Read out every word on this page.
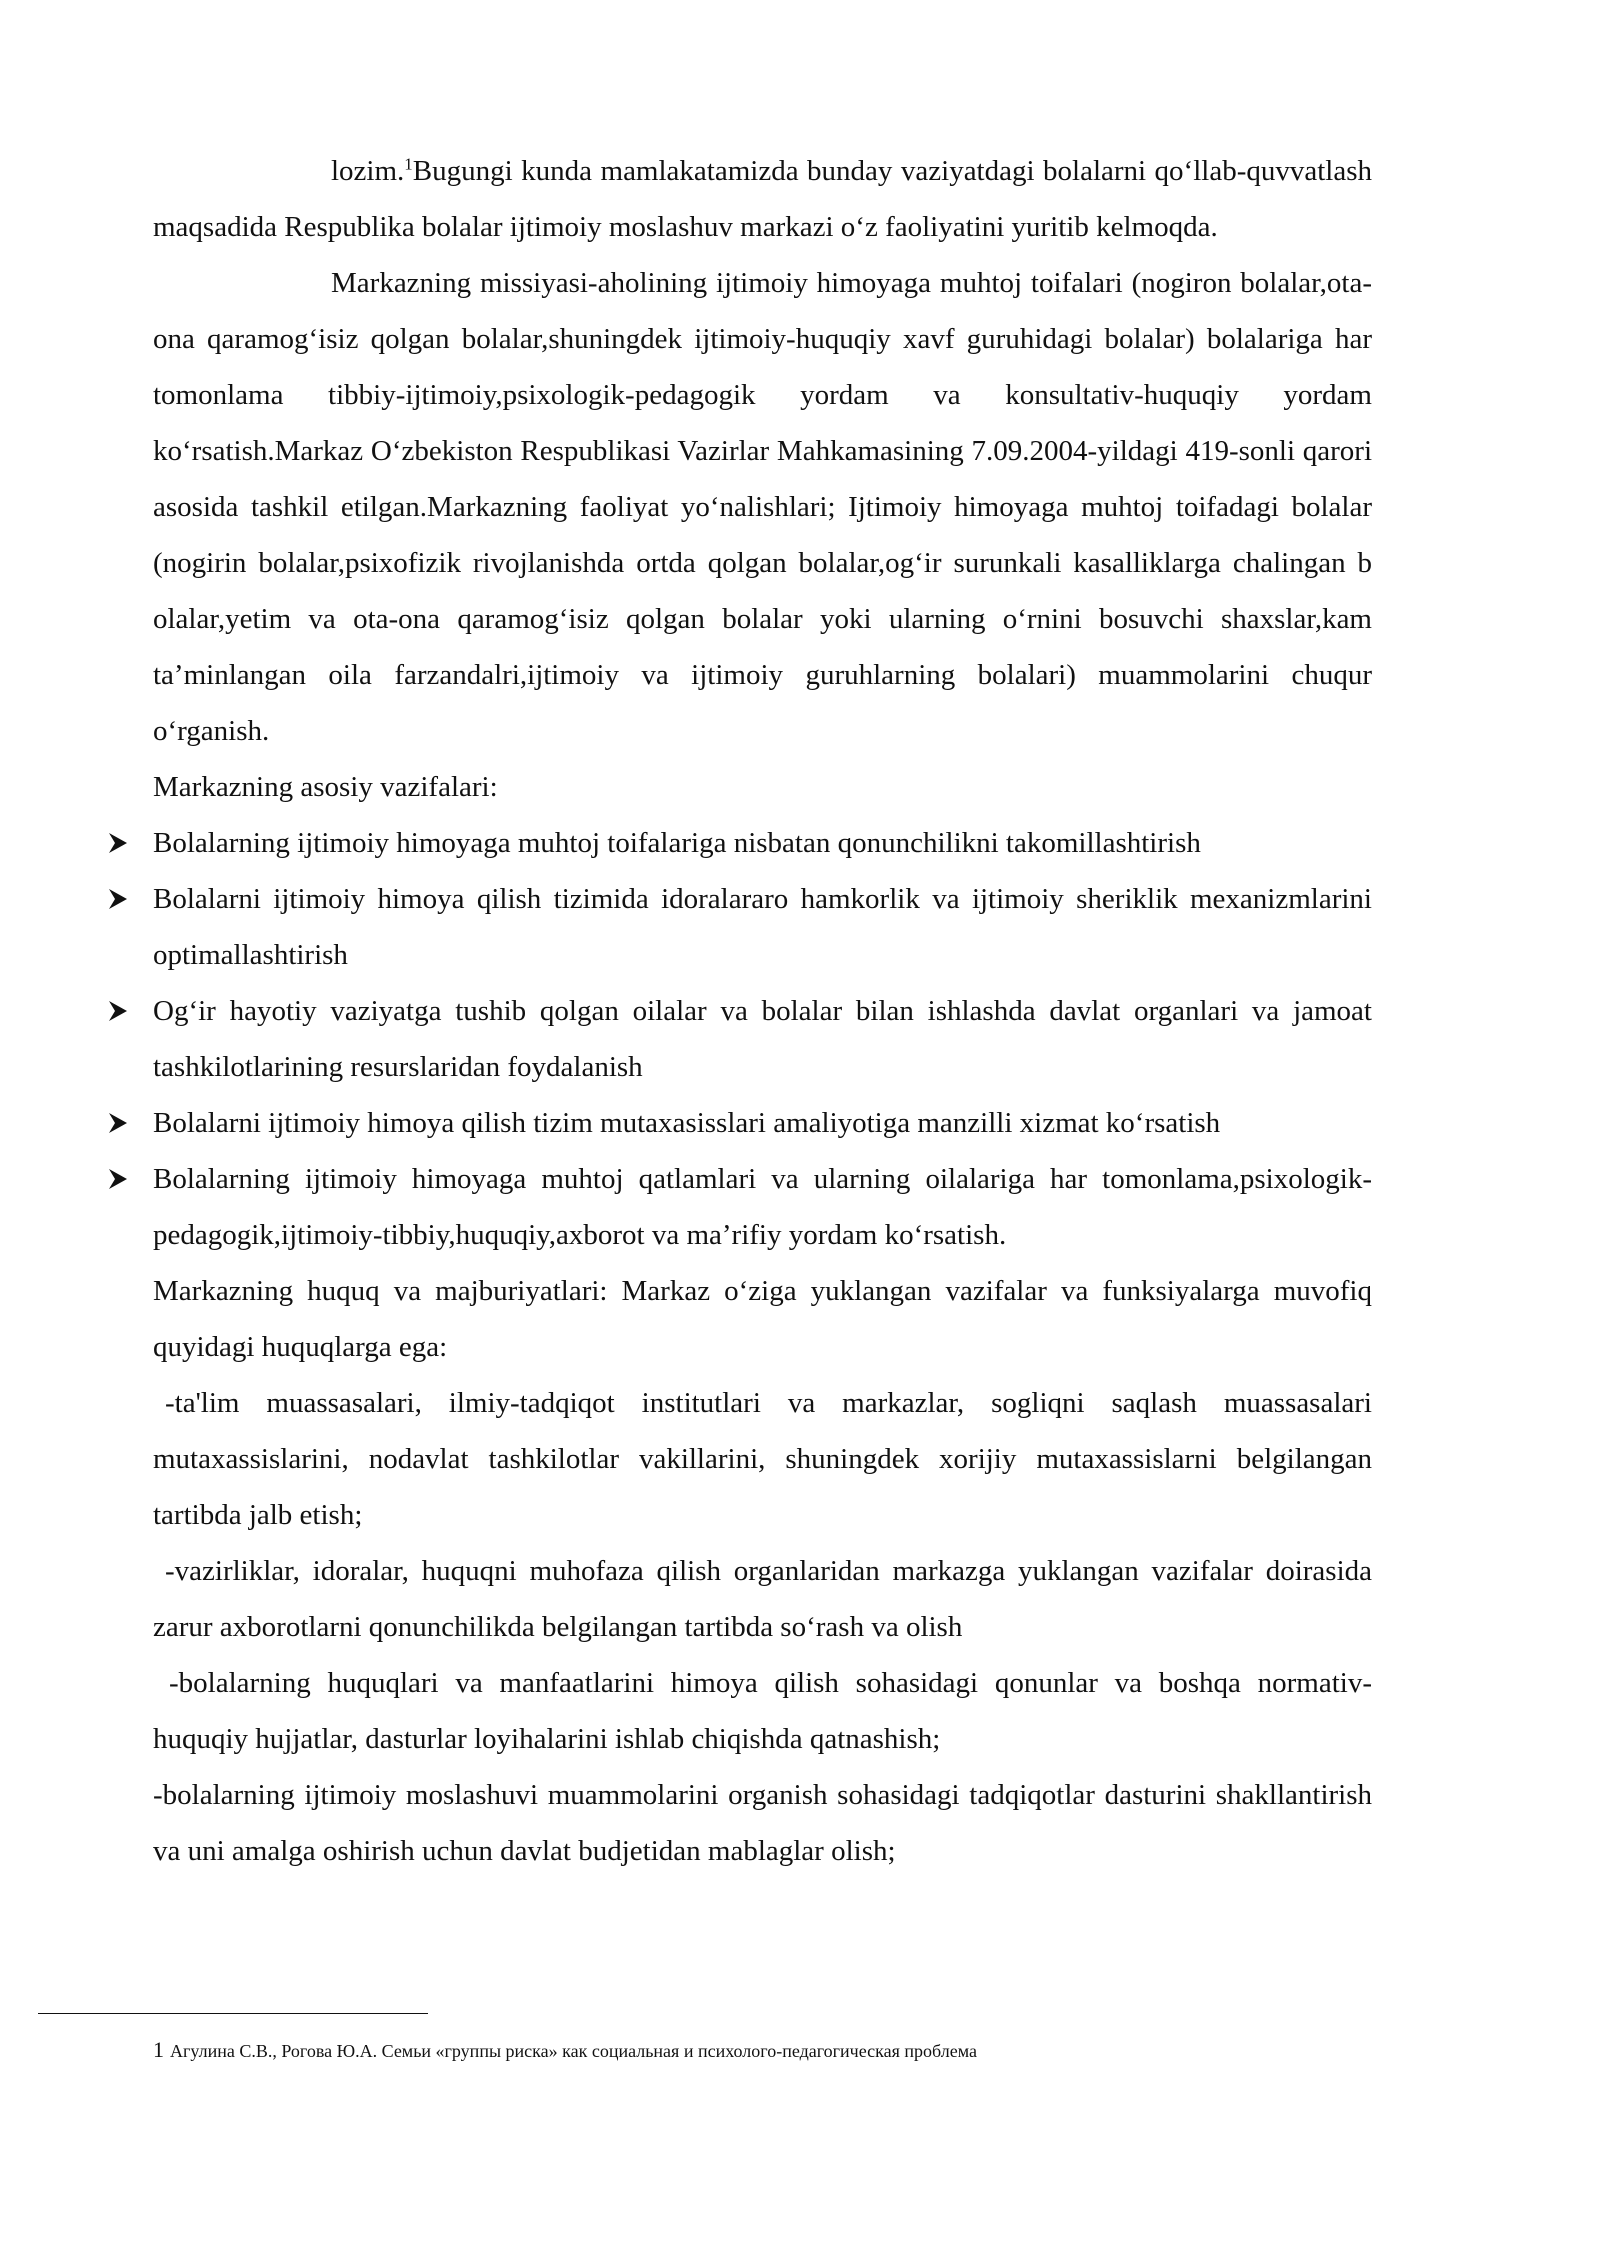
lozim.$^1$Bugungi kunda mamlakatamizda bunday vaziyatdagi bolalarni qo‘llab-quvvatlash maqsadida Respublika bolalar ijtimoiy moslashuv markazi o‘z faoliyatini yuritib kelmoqda.

Markazning missiyasi-aholining ijtimoiy himoyaga muhtoj toifalari (nogiron bolalar,ota-ona qaramog‘isiz qolgan bolalar,shuningdek ijtimoiy-huquqiy xavf guruhidagi bolalar) bolalariga har tomonlama tibbiy-ijtimoiy,psixologik-pedagogik yordam va konsultativ-huquqiy yordam ko‘rsatish.Markaz O‘zbekiston Respublikasi Vazirlar Mahkamasining 7.09.2004-yildagi 419-sonli qarori asosida tashkil etilgan.Markazning faoliyat yo‘nalishlari; Ijtimoiy himoyaga muhtoj toifadagi bolalar (nogirin bolalar,psixofizik rivojlanishda ortda qolgan bolalar,og‘ir surunkali kasalliklarga chalingan b olalar,yetim va ota-ona qaramog‘isiz qolgan bolalar yoki ularning o‘rnini bosuvchi shaxslar,kam ta’minlangan oila farzandalri,ijtimoiy va ijtimoiy guruhlarning bolalari) muammolarini chuqur o‘rganish.

Markazning asosiy vazifalari:

Bolalarning ijtimoiy himoyaga muhtoj toifalariga nisbatan qonunchilikni takomillashtirish
Bolalarni ijtimoiy himoya qilish tizimida idoralararo hamkorlik va ijtimoiy sheriklik mexanizmlarini optimallashtirish
Og‘ir hayotiy vaziyatga tushib qolgan oilalar va bolalar bilan ishlashda davlat organlari va jamoat tashkilotlarining resurslaridan foydalanish
Bolalarni ijtimoiy himoya qilish tizim mutaxasisslari amaliyotiga manzilli xizmat ko‘rsatish
Bolalarning ijtimoiy himoyaga muhtoj qatlamlari va ularning oilalariga har tomonlama,psixologik-pedagogik,ijtimoiy-tibbiy,huquqiy,axborot va ma’rifiy yordam ko‘rsatish.

Markazning huquq va majburiyatlari: Markaz o‘ziga yuklangan vazifalar va funksiyalarga muvofiq quyidagi huquqlarga ega:

-ta'lim muassasalari, ilmiy-tadqiqot institutlari va markazlar, sogliqni saqlash muassasalari mutaxassislarini, nodavlat tashkilotlar vakillarini, shuningdek xorijiy mutaxassislarni belgilangan tartibda jalb etish;

-vazirliklar, idoralar, huquqni muhofaza qilish organlaridan markazga yuklangan vazifalar doirasida zarur axborotlarni qonunchilikda belgilangan tartibda so‘rash va olish

-bolalarning huquqlari va manfaatlarini himoya qilish sohasidagi qonunlar va boshqa normativ-huquqiy hujjatlar, dasturlar loyihalarini ishlab chiqishda qatnashish;

-bolalarning ijtimoiy moslashuvi muammolarini organish sohasidagi tadqiqotlar dasturini shakllantirish va uni amalga oshirish uchun davlat budjetidan mablaglar olish;

1 Агулина С.В., Рогова Ю.А. Семьи «группы риска» как социальная и психолого-педагогическая проблема
